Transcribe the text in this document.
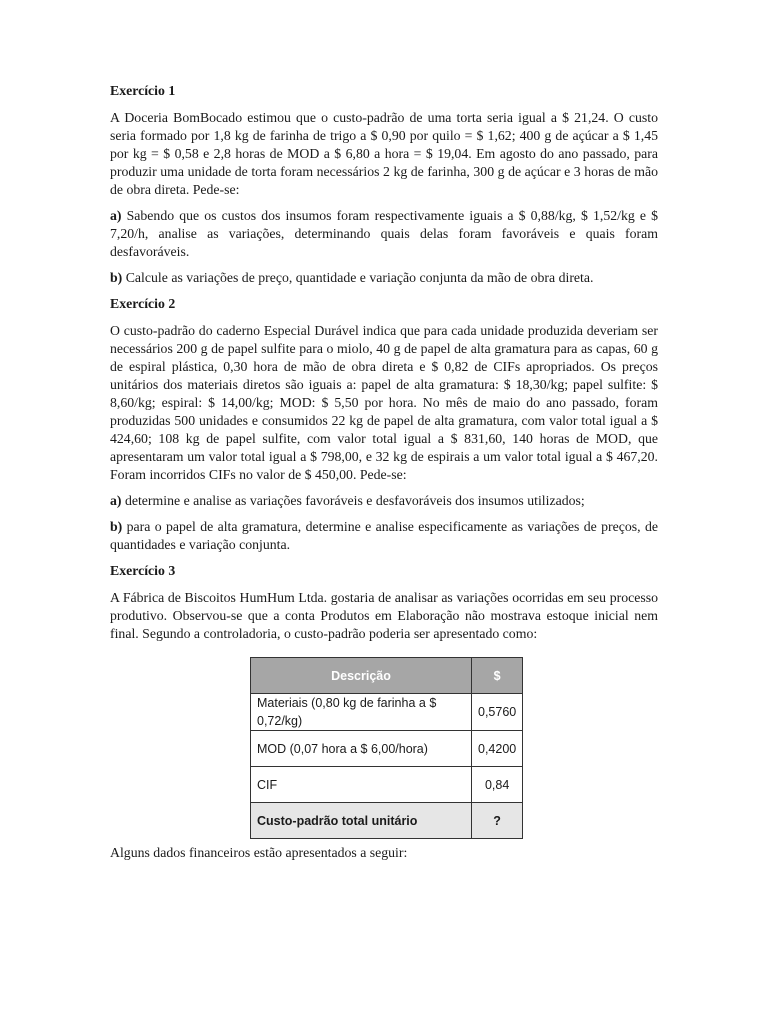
Exercício 1

A Doceria BomBocado estimou que o custo-padrão de uma torta seria igual a $ 21,24. O custo seria formado por 1,8 kg de farinha de trigo a $ 0,90 por quilo = $ 1,62; 400 g de açúcar a $ 1,45 por kg = $ 0,58 e 2,8 horas de MOD a $ 6,80 a hora = $ 19,04. Em agosto do ano passado, para produzir uma unidade de torta foram necessários 2 kg de farinha, 300 g de açúcar e 3 horas de mão de obra direta. Pede-se:

a) Sabendo que os custos dos insumos foram respectivamente iguais a $ 0,88/kg, $ 1,52/kg e $ 7,20/h, analise as variações, determinando quais delas foram favoráveis e quais foram desfavoráveis.

b) Calcule as variações de preço, quantidade e variação conjunta da mão de obra direta.

Exercício 2

O custo-padrão do caderno Especial Durável indica que para cada unidade produzida deveriam ser necessários 200 g de papel sulfite para o miolo, 40 g de papel de alta gramatura para as capas, 60 g de espiral plástica, 0,30 hora de mão de obra direta e $ 0,82 de CIFs apropriados. Os preços unitários dos materiais diretos são iguais a: papel de alta gramatura: $ 18,30/kg; papel sulfite: $ 8,60/kg; espiral: $ 14,00/kg; MOD: $ 5,50 por hora. No mês de maio do ano passado, foram produzidas 500 unidades e consumidos 22 kg de papel de alta gramatura, com valor total igual a $ 424,60; 108 kg de papel sulfite, com valor total igual a $ 831,60, 140 horas de MOD, que apresentaram um valor total igual a $ 798,00, e 32 kg de espirais a um valor total igual a $ 467,20. Foram incorridos CIFs no valor de $ 450,00. Pede-se:

a) determine e analise as variações favoráveis e desfavoráveis dos insumos utilizados;

b) para o papel de alta gramatura, determine e analise especificamente as variações de preços, de quantidades e variação conjunta.

Exercício 3

A Fábrica de Biscoitos HumHum Ltda. gostaria de analisar as variações ocorridas em seu processo produtivo. Observou-se que a conta Produtos em Elaboração não mostrava estoque inicial nem final. Segundo a controladoria, o custo-padrão poderia ser apresentado como:

Descrição	$
Materiais (0,80 kg de farinha a $ 0,72/kg)	0,5760
MOD (0,07 hora a $ 6,00/hora)	0,4200
CIF	0,84
Custo-padrão total unitário	?

Alguns dados financeiros estão apresentados a seguir:
